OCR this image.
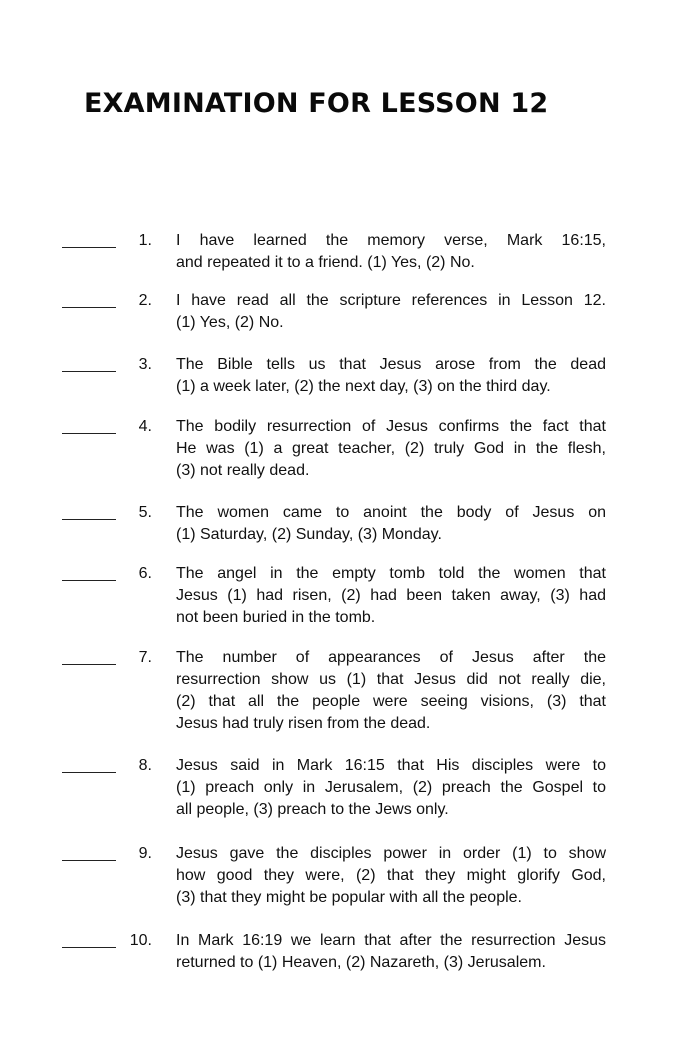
EXAMINATION FOR LESSON 12
1. I have learned the memory verse, Mark 16:15,
and repeated it to a friend. (1) Yes, (2) No.
2. I have read all the scripture references in Lesson 12.
(1) Yes, (2) No.
3. The Bible tells us that Jesus arose from the dead
(1) a week later, (2) the next day, (3) on the third day.
4. The bodily resurrection of Jesus confirms the fact that
He was (1) a great teacher, (2) truly God in the flesh,
(3) not really dead.
5. The women came to anoint the body of Jesus on
(1) Saturday, (2) Sunday, (3) Monday.
6. The angel in the empty tomb told the women that
Jesus (1) had risen, (2) had been taken away, (3) had
not been buried in the tomb.
7. The number of appearances of Jesus after the
resurrection show us (1) that Jesus did not really die,
(2) that all the people were seeing visions, (3) that
Jesus had truly risen from the dead.
8. Jesus said in Mark 16:15 that His disciples were to
(1) preach only in Jerusalem, (2) preach the Gospel to
all people, (3) preach to the Jews only.
9. Jesus gave the disciples power in order (1) to show
how good they were, (2) that they might glorify God,
(3) that they might be popular with all the people.
10. In Mark 16:19 we learn that after the resurrection Jesus
returned to (1) Heaven, (2) Nazareth, (3) Jerusalem.
